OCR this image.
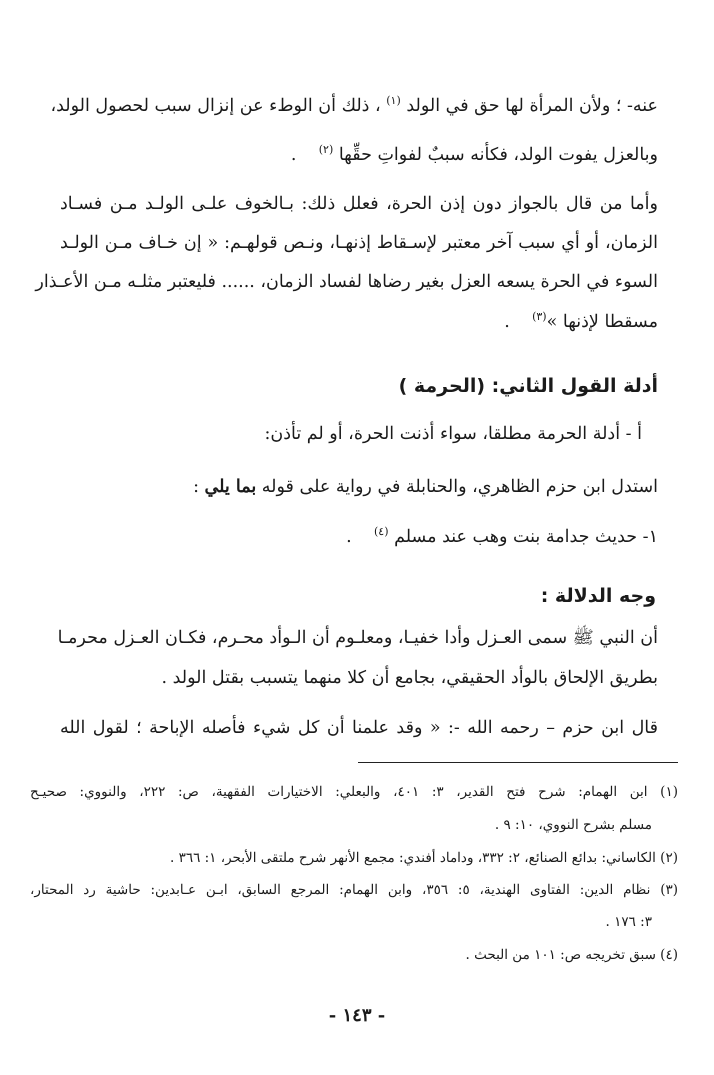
عنه- ؛ ولأن المرأة لها حق في الولد $^{(١)}$ ، ذلك أن الوطء عن إنزال سبب لحصول الولد،
وبالعزل يفوت الولد، فكأنه سببٌ لفواتِ حقِّها $^{(٢)}$    .
وأما من قال بالجواز دون إذن الحرة، فعلل ذلك: بـالخوف علـى الولـد مـن فسـاد
الزمان، أو أي سبب آخر معتبر لإسـقاط إذنهـا، ونـص قولهـم: « إن خـاف مـن الولـد
السوء في الحرة يسعه العزل بغير رضاها لفساد الزمان، ...... فليعتبر مثلـه مـن الأعـذار
مسقطا لإذنها »$^{(٣)}$    .
أدلة القول الثاني: (الحرمة )
أ - أدلة الحرمة مطلقا، سواء أذنت الحرة، أو لم تأذن:
استدل ابن حزم الظاهري، والحنابلة في رواية على قوله بما يلي :
١- حديث جدامة بنت وهب عند مسلم $^{(٤)}$    .
وجه الدلالة :
أن النبي ﷺ سمى العـزل وأدا خفيـا، ومعلـوم أن الـوأد محـرم، فكـان العـزل محرمـا
بطريق الإلحاق بالوأد الحقيقي، بجامع أن كلا منهما يتسبب بقتل الولد .
قال ابن حزم – رحمه الله -: « وقد علمنا أن كل شيء فأصله الإباحة ؛ لقول الله
(١) ابن الهمام: شرح فتح القدير، ٣: ٤٠١، والبعلي: الاختيارات الفقهية، ص: ٢٢٢، والنووي: صحيـح
مسلم بشرح النووي، ١٠: ٩ .
(٢) الكاساني: بدائع الصنائع، ٢: ٣٣٢، وداماد أفندي: مجمع الأنهر شرح ملتقى الأبحر، ١: ٣٦٦ .
(٣) نظام الدين: الفتاوى الهندية، ٥: ٣٥٦، وابن الهمام: المرجع السابق، ابـن عـابدين: حاشية رد المحتار،
٣: ١٧٦ .
(٤) سبق تخريجه ص: ١٠١ من البحث .
- ١٤٣ -
